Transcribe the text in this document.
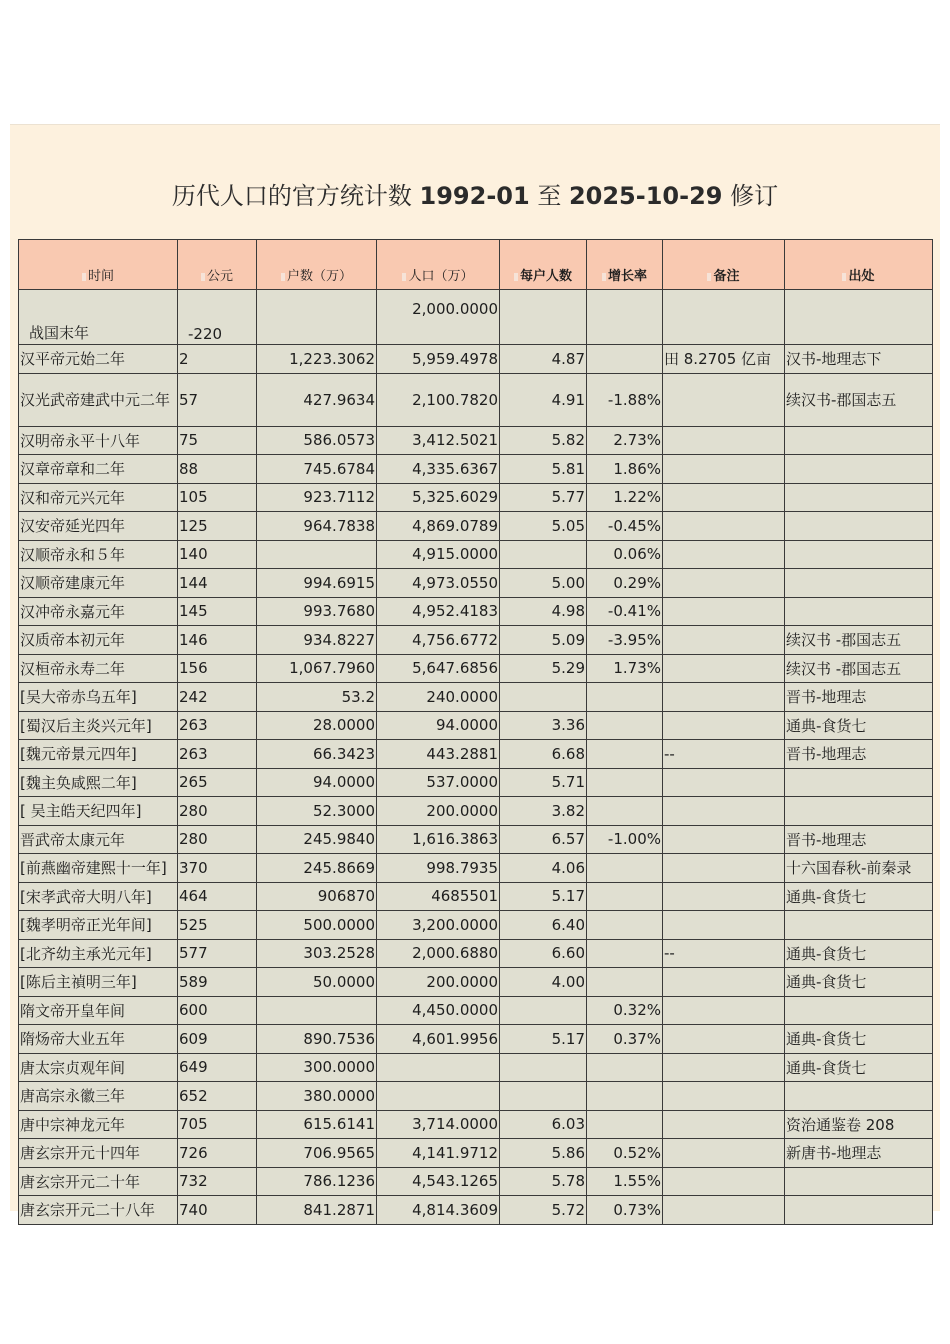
历代人口的官方统计数 1992-01 至 2025-10-29 修订
时间	公元	户数（万）	人口（万）	每户人数	增长率	备注	出处
战国末年	-220		2,000.0000				
汉平帝元始二年	2	1,223.3062	5,959.4978	4.87		田 8.2705 亿亩	汉书-地理志下
汉光武帝建武中元二年	57	427.9634	2,100.7820	4.91	-1.88%		续汉书-郡国志五
汉明帝永平十八年	75	586.0573	3,412.5021	5.82	2.73%		
汉章帝章和二年	88	745.6784	4,335.6367	5.81	1.86%		
汉和帝元兴元年	105	923.7112	5,325.6029	5.77	1.22%		
汉安帝延光四年	125	964.7838	4,869.0789	5.05	-0.45%		
汉顺帝永和５年	140		4,915.0000		0.06%		
汉顺帝建康元年	144	994.6915	4,973.0550	5.00	0.29%		
汉冲帝永嘉元年	145	993.7680	4,952.4183	4.98	-0.41%		
汉质帝本初元年	146	934.8227	4,756.6772	5.09	-3.95%		续汉书 -郡国志五
汉桓帝永寿二年	156	1,067.7960	5,647.6856	5.29	1.73%		续汉书 -郡国志五
[吴大帝赤乌五年]	242	53.2	240.0000				晋书-地理志
[蜀汉后主炎兴元年]	263	28.0000	94.0000	3.36			通典-食货七
[魏元帝景元四年]	263	66.3423	443.2881	6.68		--	晋书-地理志
[魏主奂咸熙二年]	265	94.0000	537.0000	5.71			
[ 吴主皓天纪四年]	280	52.3000	200.0000	3.82			
晋武帝太康元年	280	245.9840	1,616.3863	6.57	-1.00%		晋书-地理志
[前燕幽帝建熙十一年]	370	245.8669	998.7935	4.06			十六国春秋-前秦录
[宋孝武帝大明八年]	464	906870	4685501	5.17			通典-食货七
[魏孝明帝正光年间]	525	500.0000	3,200.0000	6.40			
[北齐幼主承光元年]	577	303.2528	2,000.6880	6.60		--	通典-食货七
[陈后主禎明三年]	589	50.0000	200.0000	4.00			通典-食货七
隋文帝开皇年间	600		4,450.0000		0.32%		
隋炀帝大业五年	609	890.7536	4,601.9956	5.17	0.37%		通典-食货七
唐太宗贞观年间	649	300.0000					通典-食货七
唐高宗永徽三年	652	380.0000					
唐中宗神龙元年	705	615.6141	3,714.0000	6.03			资治通鉴卷 208
唐玄宗开元十四年	726	706.9565	4,141.9712	5.86	0.52%		新唐书-地理志
唐玄宗开元二十年	732	786.1236	4,543.1265	5.78	1.55%		
唐玄宗开元二十八年	740	841.2871	4,814.3609	5.72	0.73%		
